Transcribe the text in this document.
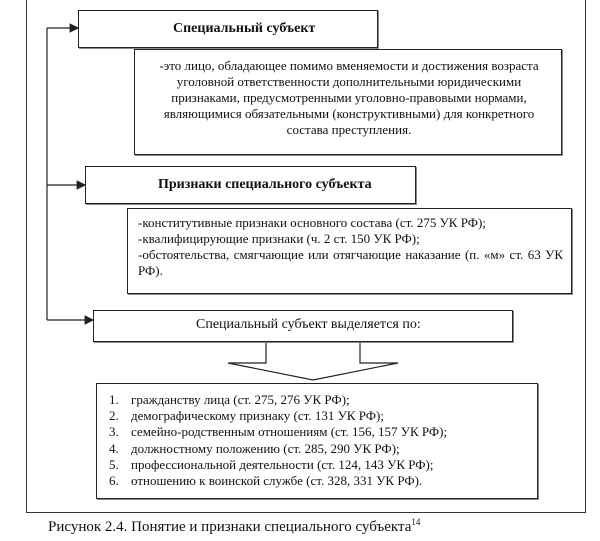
Специальный субъект
-это лицо, обладающее помимо вменяемости и достижения возраста уголовной ответственности дополнительными юридическими признаками, предусмотренными уголовно-правовыми нормами, являющимися обязательными (конструктивными) для конкретного состава преступления.
Признаки специального субъекта
-конститутивные признаки основного состава (ст. 275 УК РФ);
-квалифицирующие признаки (ч. 2 ст. 150 УК РФ);
-обстоятельства, смягчающие или отягчающие наказание (п. «м» ст. 63 УК РФ).
Специальный субъект выделяется по:
1. гражданству лица (ст. 275, 276 УК РФ);
2. демографическому признаку (ст. 131 УК РФ);
3. семейно-родственным отношениям (ст. 156, 157 УК РФ);
4. должностному положению (ст. 285, 290 УК РФ);
5. профессиональной деятельности (ст. 124, 143 УК РФ);
6. отношению к воинской службе (ст. 328, 331 УК РФ).
Рисунок 2.4. Понятие и признаки специального субъекта$^{14}$
